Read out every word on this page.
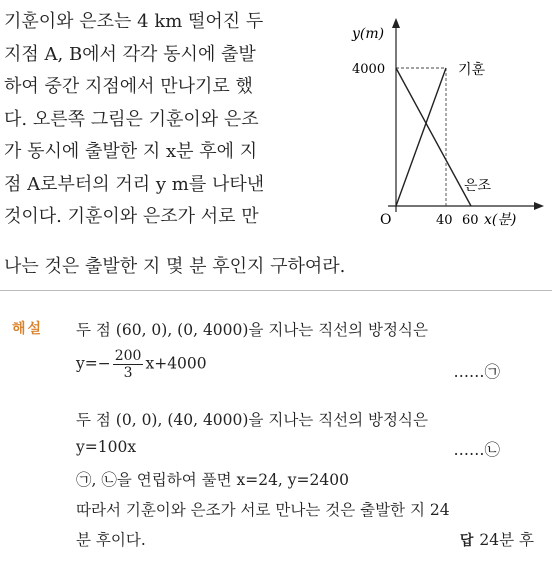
기훈이와 은조는 4 km 떨어진 두
지점 A, B에서 각각 동시에 출발
하여 중간 지점에서 만나기로 했
다. 오른쪽 그림은 기훈이와 은조
가 동시에 출발한 지 x분 후에 지
점 A로부터의 거리 y m를 나타낸
것이다. 기훈이와 은조가 서로 만
나는 것은 출발한 지 몇 분 후인지 구하여라.
y(m)
4000
O	40 60 x(분)
기훈
은조
해설 두 점 (60, 0), (0, 4000)을 지나는 직선의 방정식은
$y=- \frac{200}{3} x+4000$	……㉠
두 점 (0, 0), (40, 4000)을 지나는 직선의 방정식은
y=100x	……㉡
㉠, ㉡을 연립하여 풀면 x=24, y=2400
따라서 기훈이와 은조가 서로 만나는 것은 출발한 지 24
분 후이다.	답 24분 후
